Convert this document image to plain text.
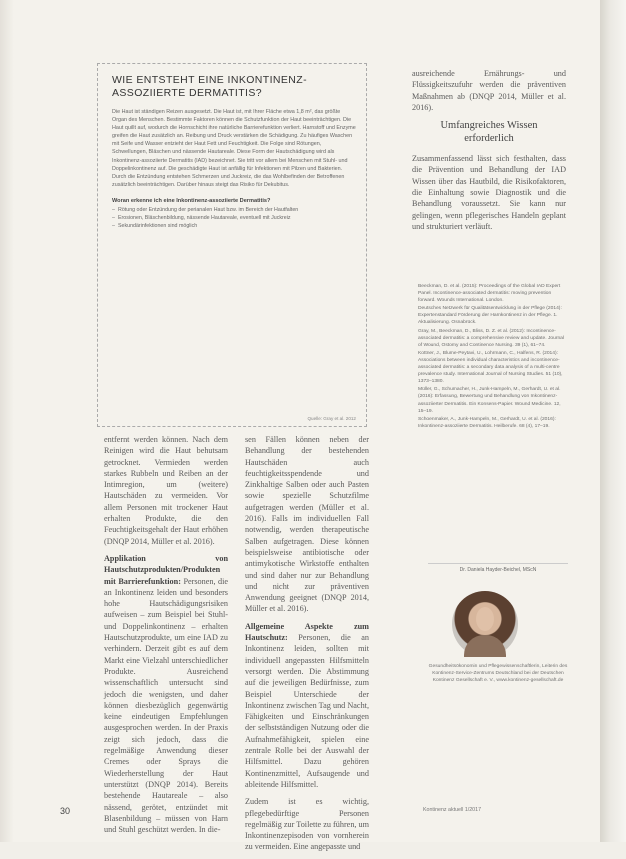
WIE ENTSTEHT EINE INKONTINENZ-
ASSOZIIERTE DERMATITIS?

Die Haut ist ständigen Reizen ausgesetzt. Die Haut ist, mit Ihrer Fläche etwa 1,8 m², das größte Organ des Menschen. Bestimmte Faktoren können die Schutzfunktion der Haut beeinträchtigen. Die Haut quillt auf, wodurch die Hornschicht ihre natürliche Barrierefunktion verliert. Harnstoff und Enzyme greifen die Haut zusätzlich an. Reibung und Druck verstärken die Schädigung. Zu häufiges Waschen mit Seife und Wasser entzieht der Haut Fett und Feuchtigkeit. Die Folge sind Rötungen, Schwellungen, Bläschen und nässende Hautareale. Diese Form der Hautschädigung wird als Inkontinenz-assoziierte Dermatitis (IAD) bezeichnet. Sie tritt vor allem bei Menschen mit Stuhl- und Doppelinkontinenz auf. Die geschädigte Haut ist anfällig für Infektionen mit Pilzen und Bakterien. Durch die Entzündung entstehen Schmerzen und Juckreiz, die das Wohlbefinden der Betroffenen zusätzlich beeinträchtigen. Darüber hinaus steigt das Risiko für Dekubitus.

Woran erkenne ich eine Inkontinenz-assoziierte Dermatitis?
– Rötung oder Entzündung der perianalen Haut bzw. im Bereich der Hautfalten
– Erosionen, Bläschenbildung, nässende Hautareale, eventuell mit Juckreiz
– Sekundärinfektionen sind möglich
Quelle: Gray et al. 2012

entfernt werden können. Nach dem Reinigen wird die Haut behutsam getrocknet. Vermieden werden starkes Rubbeln und Reiben an der Intimregion, um (weitere) Hautschäden zu vermeiden. Vor allem Personen mit trockener Haut erhalten Produkte, die den Feuchtigkeitsgehalt der Haut erhöhen (DNQP 2014, Müller et al. 2016).

Applikation von Hautschutzprodukten/Produkten mit Barrierefunktion: Personen, die an Inkontinenz leiden und besonders hohe Hautschädigungsrisiken aufweisen – zum Beispiel bei Stuhl- und Doppelinkontinenz – erhalten Hautschutzprodukte, um eine IAD zu verhindern. Derzeit gibt es auf dem Markt eine Vielzahl unterschiedlicher Produkte. Ausreichend wissenschaftlich untersucht sind jedoch die wenigsten, und daher können diesbezüglich gegenwärtig keine eindeutigen Empfehlungen ausgesprochen werden. In der Praxis zeigt sich jedoch, dass die regelmäßige Anwendung dieser Cremes oder Sprays die Wiederherstellung der Haut unterstützt (DNQP 2014). Bereits bestehende Hautareale – also nässend, gerötet, entzündet mit Blasenbildung – müssen von Harn und Stuhl geschützt werden. In die-

sen Fällen können neben der Behandlung der bestehenden Hautschäden auch feuchtigkeitsspendende und Zinkhaltige Salben oder auch Pasten sowie spezielle Schutzfilme aufgetragen werden (Müller et al. 2016). Falls im individuellen Fall notwendig, werden therapeutische Salben aufgetragen. Diese können beispielsweise antibiotische oder antimykotische Wirkstoffe enthalten und sind daher nur zur Behandlung und nicht zur präventiven Anwendung geeignet (DNQP 2014, Müller et al. 2016).

Allgemeine Aspekte zum Hautschutz: Personen, die an Inkontinenz leiden, sollten mit individuell angepassten Hilfsmitteln versorgt werden. Die Abstimmung auf die jeweiligen Bedürfnisse, zum Beispiel Unterschiede der Inkontinenz zwischen Tag und Nacht, Fähigkeiten und Einschränkungen der selbstständigen Nutzung oder die Aufnahmefähigkeit, spielen eine zentrale Rolle bei der Auswahl der Hilfsmittel. Dazu gehören Kontinenzmittel, Aufsaugende und ableitende Hilfsmittel.

Zudem ist es wichtig, pflegebedürftige Personen regelmäßig zur Toilette zu führen, um Inkontinenzepisoden von vornherein zu vermeiden. Eine angepasste und

ausreichende Ernährungs- und Flüssigkeitszufuhr werden die präventiven Maßnahmen ab (DNQP 2014, Müller et al. 2016).

Umfangreiches Wissen
erforderlich

Zusammenfassend lässt sich festhalten, dass die Prävention und Behandlung der IAD Wissen über das Hautbild, die Risikofaktoren, die Einhaltung sowie Diagnostik und die Behandlung voraussetzt. Sie kann nur gelingen, wenn pflegerisches Handeln geplant und strukturiert verläuft.

Beeckman, D. et al. (2015): Proceedings of the Global IAD Expert Panel. Incontinence-associated dermatitis: moving prevention forward. Wounds International. London.

Deutsches Netzwerk für Qualitätsentwicklung in der Pflege (2014): Expertenstandard Förderung der Harnkontinenz in der Pflege. 1. Aktualisierung. Osnabrück.

Gray, M., Beeckman, D., Bliss, D. Z. et al. (2012): Incontinence-associated dermatitis: a comprehensive review and update. Journal of Wound, Ostomy and Continence Nursing. 39 (1), 61–74.

Kottner, J., Blume-Peytavi, U., Lohrmann, C., Halfens, R. (2014): Associations between individual characteristics and incontinence-associated dermatitis: a secondary data analysis of a multi-centre prevalence study. International Journal of Nursing Studies. 51 (10), 1373–1380.

Müller, G., Schumacher, H., Junk-Hampeln, M., Gerhardt, U. et al. (2016): Erfassung, Bewertung und Behandlung von Inkontinenz-assoziierter Dermatitis. Ein Konsens-Papier. Wound Medicine. 12, 15–19.

Schoenmaker, A., Junk-Hampeln, M., Gerhardt, U. et al. (2016): Inkontinenz-assoziierte Dermatitis. Heilberufe. 68 (4), 17–19.

Dr. Daniela Hayder-Beichel, MScN
Gesundheitsökonomin und Pflegewissenschaftlerin, Leiterin des Kontinenz-Service-Zentrums Deutschland bei der Deutschen Kontinenz Gesellschaft e. V., www.kontinenz-gesellschaft.de
30	Kontinenz aktuell 1/2017
